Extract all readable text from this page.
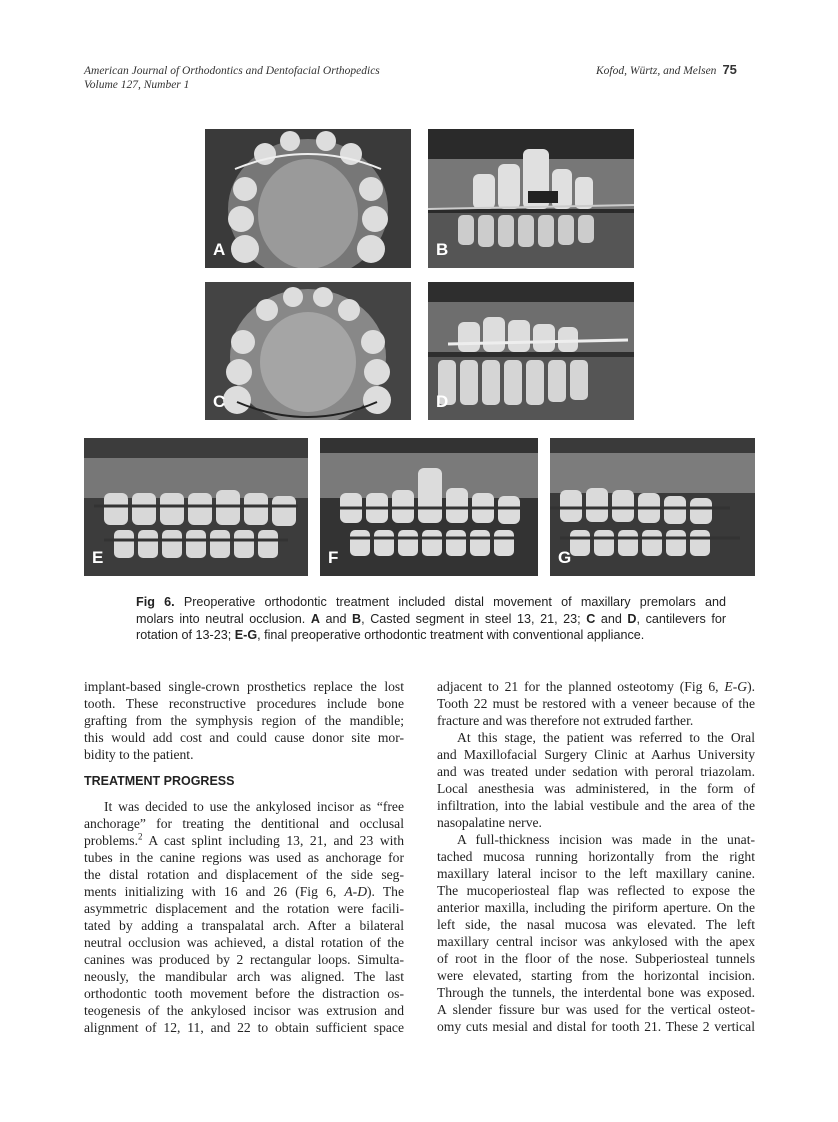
American Journal of Orthodontics and Dentofacial Orthopedics
Volume 127, Number 1
Kofod, Würtz, and Melsen 75
A	B
C	D
E	F	G
Fig 6. Preoperative orthodontic treatment included distal movement of maxillary premolars and
molars into neutral occlusion. A and B, Casted segment in steel 13, 21, 23; C and D, cantilevers for
rotation of 13-23; E-G, final preoperative orthodontic treatment with conventional appliance.
implant-based single-crown prosthetics replace the lost
tooth. These reconstructive procedures include bone
grafting from the symphysis region of the mandible;
this would add cost and could cause donor site mor-
bidity to the patient.
TREATMENT PROGRESS
It was decided to use the ankylosed incisor as “free
anchorage” for treating the dentitional and occlusal
problems.$^2$ A cast splint including 13, 21, and 23 with
tubes in the canine regions was used as anchorage for
the distal rotation and displacement of the side seg-
ments initializing with 16 and 26 (Fig 6, A-D). The
asymmetric displacement and the rotation were facili-
tated by adding a transpalatal arch. After a bilateral
neutral occlusion was achieved, a distal rotation of the
canines was produced by 2 rectangular loops. Simulta-
neously, the mandibular arch was aligned. The last
orthodontic tooth movement before the distraction os-
teogenesis of the ankylosed incisor was extrusion and
alignment of 12, 11, and 22 to obtain sufficient space
adjacent to 21 for the planned osteotomy (Fig 6, E-G).
Tooth 22 must be restored with a veneer because of the
fracture and was therefore not extruded farther.
At this stage, the patient was referred to the Oral
and Maxillofacial Surgery Clinic at Aarhus University
and was treated under sedation with peroral triazolam.
Local anesthesia was administered, in the form of
infiltration, into the labial vestibule and the area of the
nasopalatine nerve.
A full-thickness incision was made in the unat-
tached mucosa running horizontally from the right
maxillary lateral incisor to the left maxillary canine.
The mucoperiosteal flap was reflected to expose the
anterior maxilla, including the piriform aperture. On the
left side, the nasal mucosa was elevated. The left
maxillary central incisor was ankylosed with the apex
of root in the floor of the nose. Subperiosteal tunnels
were elevated, starting from the horizontal incision.
Through the tunnels, the interdental bone was exposed.
A slender fissure bur was used for the vertical osteot-
omy cuts mesial and distal for tooth 21. These 2 vertical
